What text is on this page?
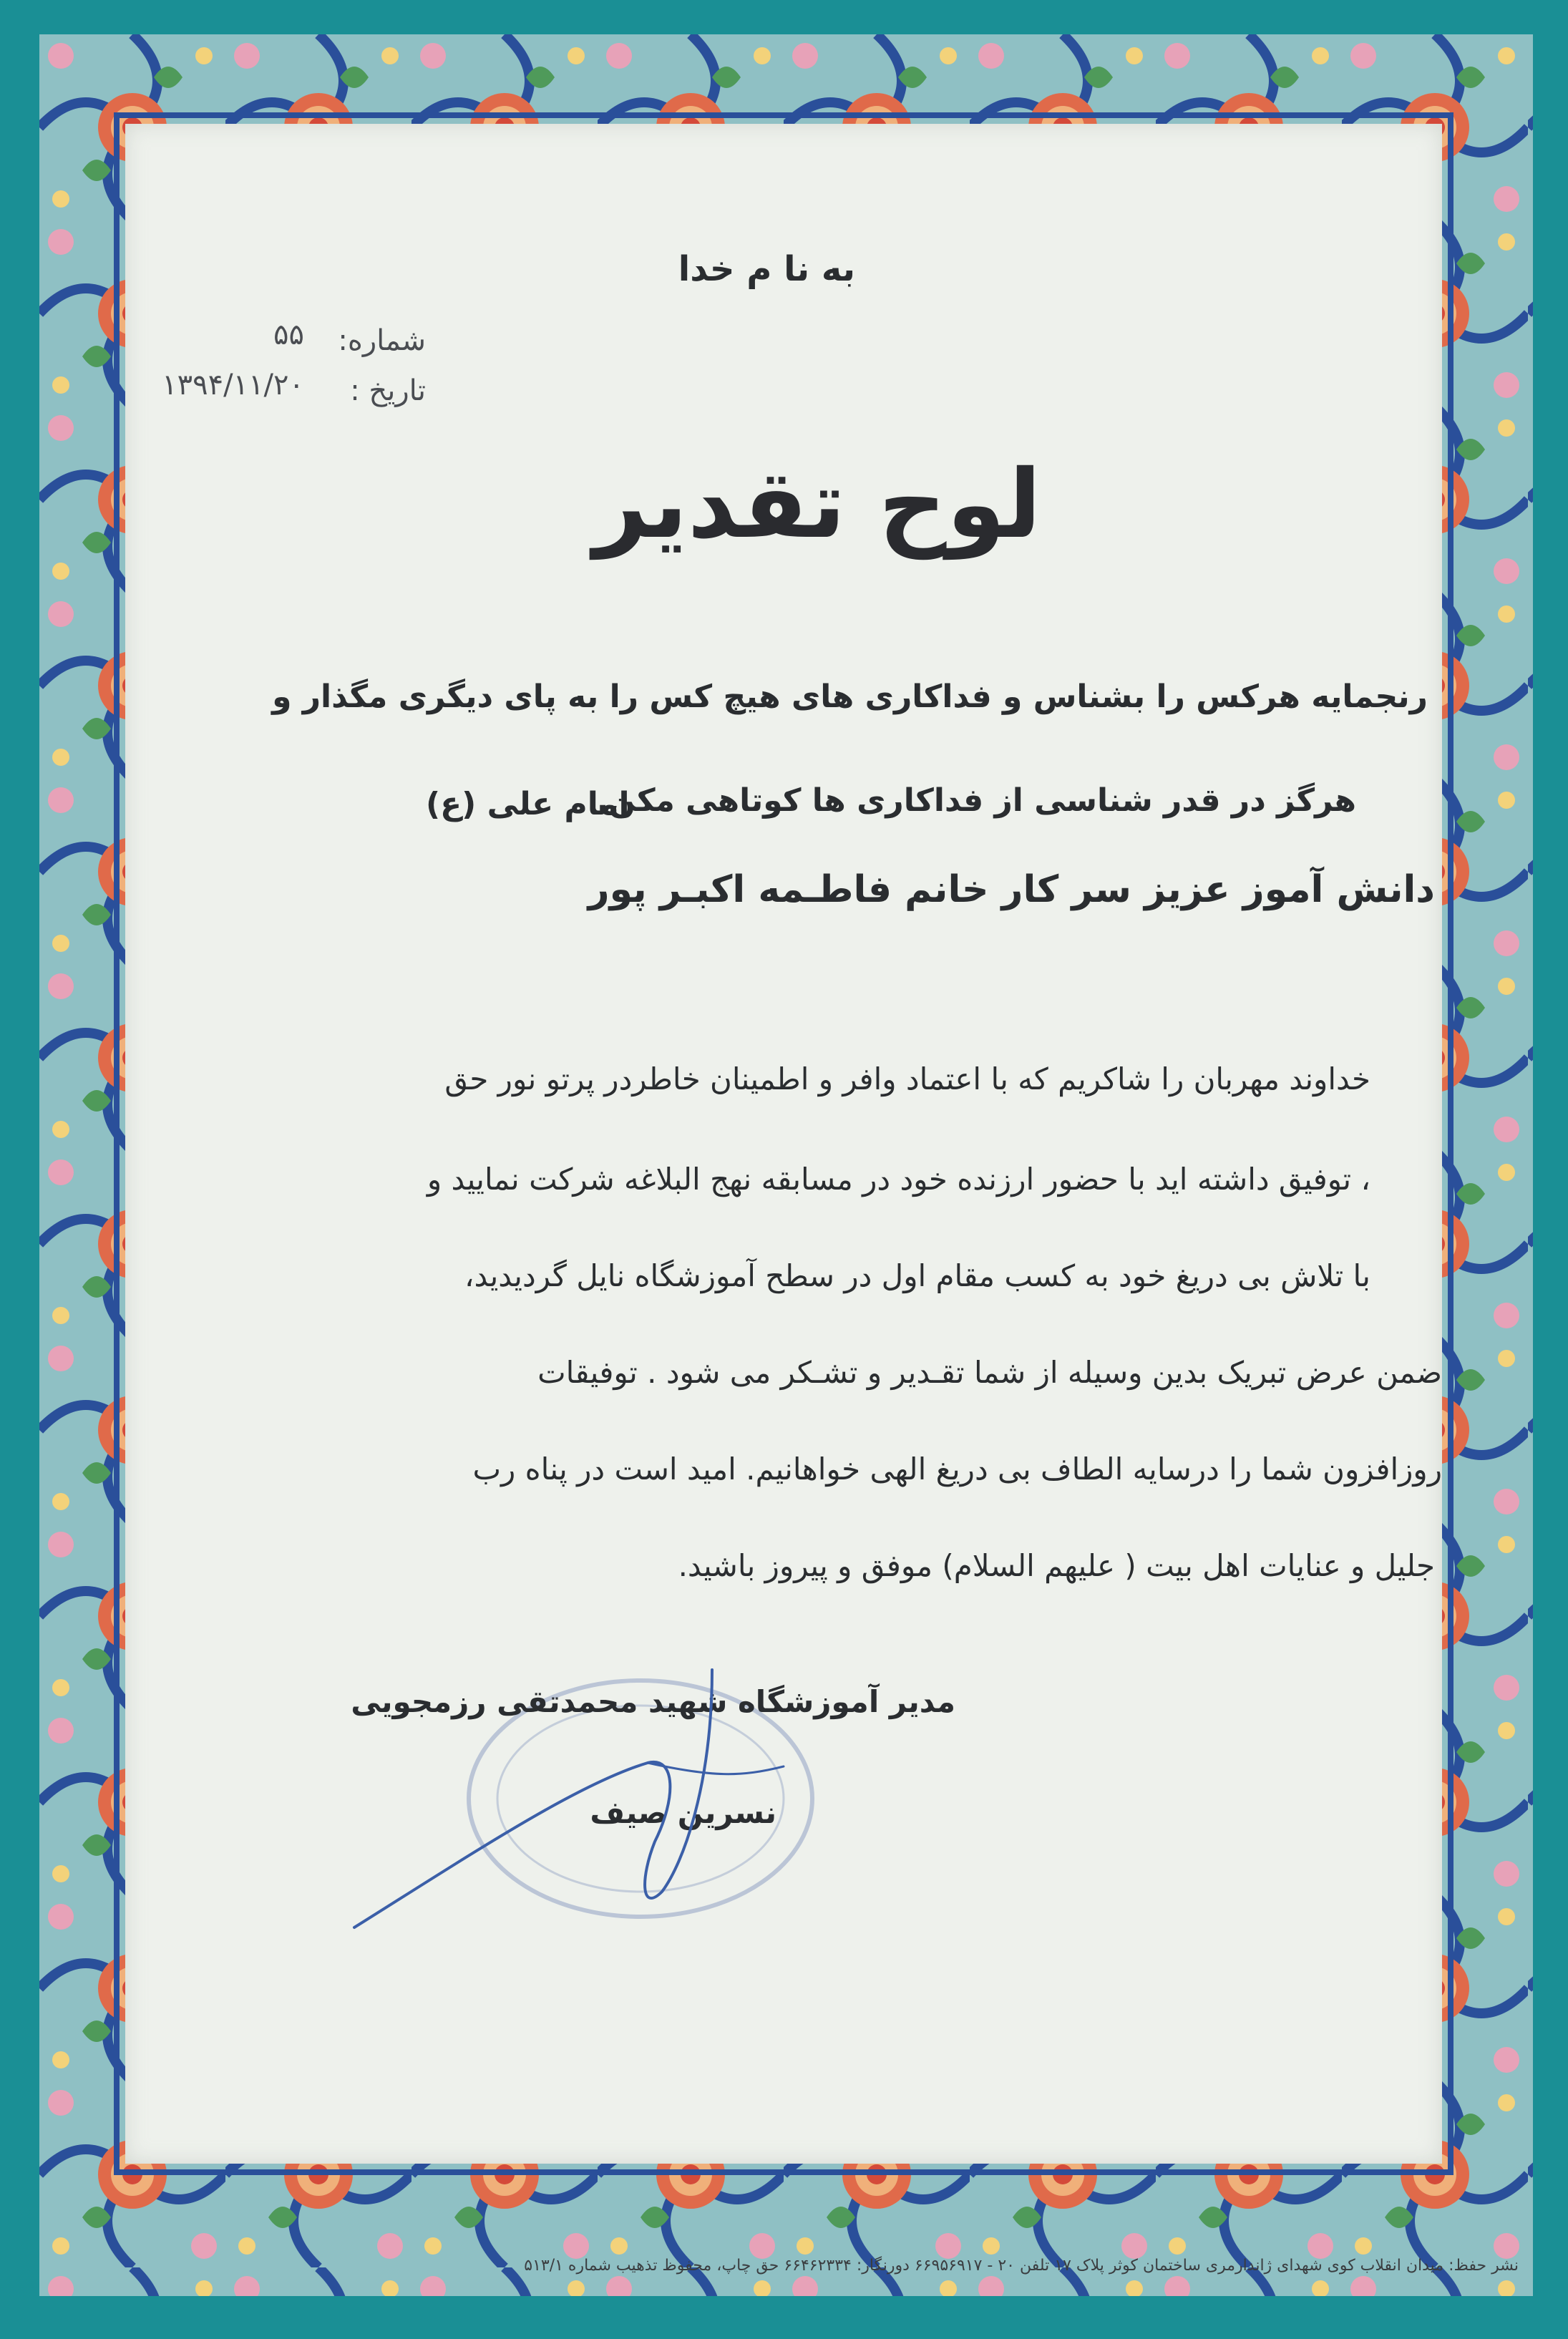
به نا م خدا
شماره:
۵۵
تاریخ :
۱۳۹۴/۱۱/۲۰
لوح تقدیر
رنجمایه هرکس را بشناس و فداکاری های هیچ کس را به پای دیگری مگذار و
هرگز در قدر شناسی از فداکاری ها کوتاهی مکن.
امام علی (ع)
دانش آموز عزیز سر کار خانم فاطـمه اکبـر پور
خداوند مهربان را شاکریم که با اعتماد وافر و اطمینان خاطردر پرتو نور حق
، توفیق داشته اید با حضور ارزنده خود در مسابقه نهج البلاغه شرکت نمایید و
با تلاش بی دریغ خود به کسب مقام اول در سطح آموزشگاه نایل گردیدید،
ضمن عرض تبریک بدین وسیله از شما تقـدیر و تشـکر می شود . توفیقات
روزافزون شما را درسایه الطاف بی دریغ الهی خواهانیم. امید است در پناه رب
جلیل و عنایات اهل بیت ( علیهم السلام) موفق و پیروز باشید.
مدیر آموزشگاه شهید محمدتقی رزمجویی
نسرین صیف
نشر حفظ: میدان انقلاب کوی شهدای ژاندارمری ساختمان کوثر پلاک ۱۷ تلفن ۲۰ - ۶۶۹۵۶۹۱۷ دورنگار: ۶۶۴۶۲۳۳۴ حق چاپ، محفوظ تذهیب شماره ۵۱۳/۱
